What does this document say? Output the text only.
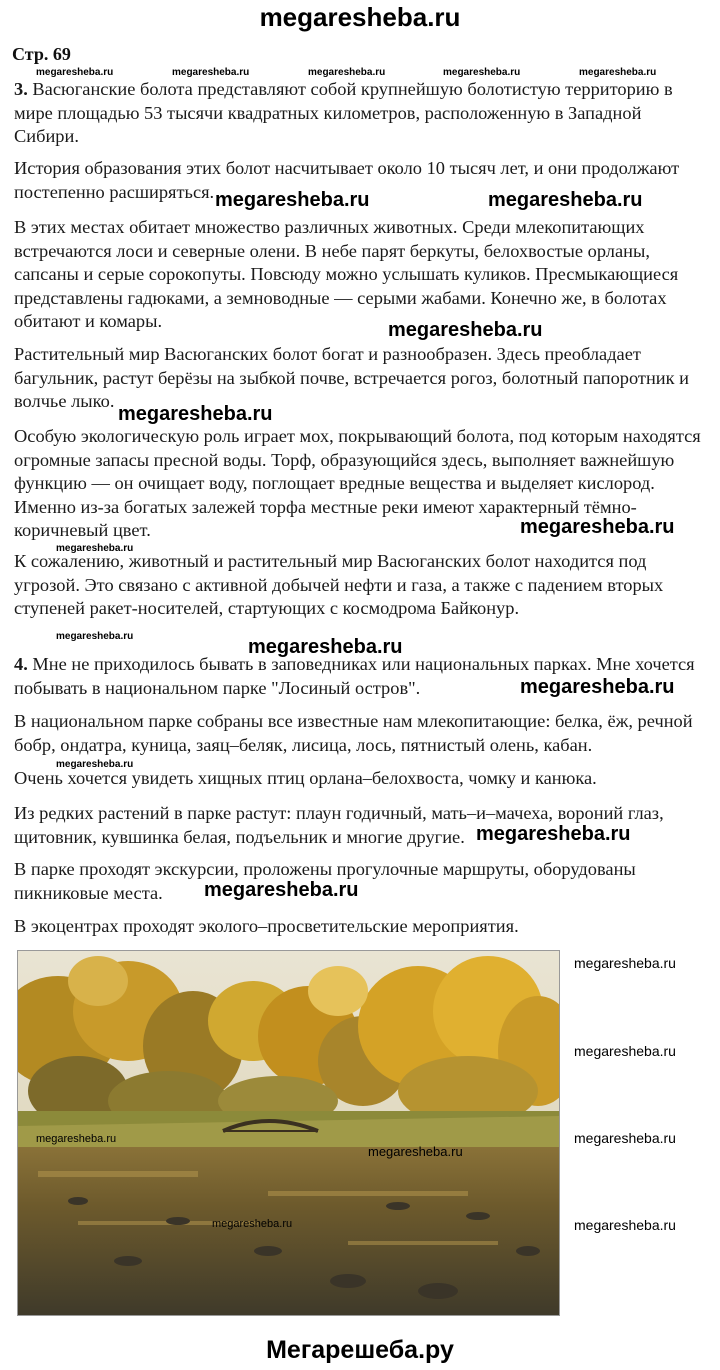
megaresheba.ru
Стр. 69
megaresheba.ru	megaresheba.ru	megaresheba.ru	megaresheba.ru	megaresheba.ru
3. Васюганские болота представляют собой крупнейшую болотистую территорию в мире площадью 53 тысячи квадратных километров, расположенную в Западной Сибири.
История образования этих болот насчитывает около 10 тысяч лет, и они продолжают постепенно расширяться. megaresheba.ru	megaresheba.ru
В этих местах обитает множество различных животных. Среди млекопитающих встречаются лоси и северные олени. В небе парят беркуты, белохвостые орланы, сапсаны и серые сорокопуты. Повсюду можно услышать куликов. Пресмыкающиеся представлены гадюками, а земноводные — серыми жабами. Конечно же, в болотах обитают и комары.	megaresheba.ru
Растительный мир Васюганских болот богат и разнообразен. Здесь преобладает багульник, растут берёзы на зыбкой почве, встречается рогоз, болотный папоротник и волчье лыко.
megaresheba.ru
Особую экологическую роль играет мох, покрывающий болота, под которым находятся огромные запасы пресной воды. Торф, образующийся здесь, выполняет важнейшую функцию — он очищает воду, поглощает вредные вещества и выделяет кислород. Именно из-за богатых залежей торфа местные реки имеют характерный тёмно-коричневый цвет.	megaresheba.ru
megaresheba.ru
К сожалению, животный и растительный мир Васюганских болот находится под угрозой. Это связано с активной добычей нефти и газа, а также с падением вторых ступеней ракет-носителей, стартующих с космодрома Байконур.
megaresheba.ru	megaresheba.ru
4. Мне не приходилось бывать в заповедниках или национальных парках. Мне хочется побывать в национальном парке "Лосиный остров".	megaresheba.ru
В национальном парке собраны все известные нам млекопитающие: белка, ёж, речной бобр, ондатра, куница, заяц–беляк, лисица, лось, пятнистый олень, кабан.
megaresheba.ru
Очень хочется увидеть хищных птиц орлана–белохвоста, чомку и канюка.
Из редких растений в парке растут: плаун годичный, мать–и–мачеха, вороний глаз, щитовник, кувшинка белая, подъельник и многие другие. megaresheba.ru
В парке проходят экскурсии, проложены прогулочные маршруты, оборудованы пикниковые места.	megaresheba.ru
В экоцентрах проходят эколого–просветительские мероприятия.
megaresheba.ru
megaresheba.ru
megaresheba.ru
megaresheba.ru
megaresheba.ru
megaresheba.ru
megaresheba.ru
Мегарешеба.ру
